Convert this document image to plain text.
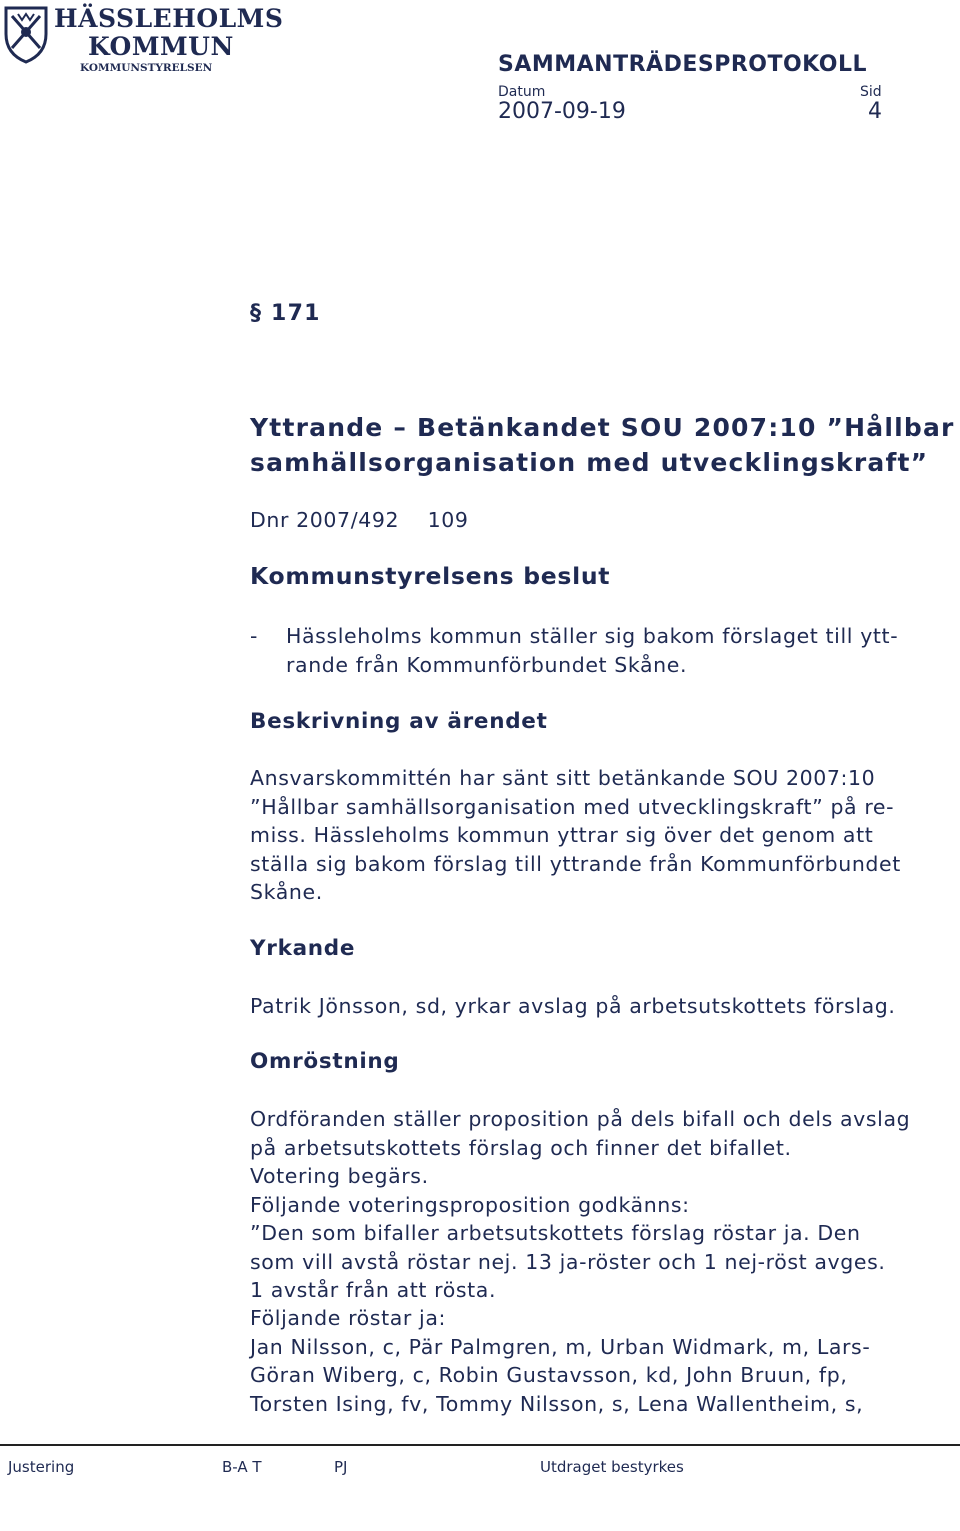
HÄSSLEHOLMS
KOMMUN
KOMMUNSTYRELSEN	SAMMANTRÄDESPROTOKOLL
Datum	Sid
2007-09-19	4
§ 171
Yttrande – Betänkandet SOU 2007:10 ”Hållbar
samhällsorganisation med utvecklingskraft”
Dnr 2007/492    109
Kommunstyrelsens beslut
- Hässleholms kommun ställer sig bakom förslaget till ytt-
rande från Kommunförbundet Skåne.
Beskrivning av ärendet
Ansvarskommittén har sänt sitt betänkande SOU 2007:10
”Hållbar samhällsorganisation med utvecklingskraft” på re-
miss. Hässleholms kommun yttrar sig över det genom att
ställa sig bakom förslag till yttrande från Kommunförbundet
Skåne.
Yrkande
Patrik Jönsson, sd, yrkar avslag på arbetsutskottets förslag.
Omröstning
Ordföranden ställer proposition på dels bifall och dels avslag
på arbetsutskottets förslag och finner det bifallet.
Votering begärs.
Följande voteringsproposition godkänns:
”Den som bifaller arbetsutskottets förslag röstar ja. Den
som vill avstå röstar nej. 13 ja-röster och 1 nej-röst avges.
1 avstår från att rösta.
Följande röstar ja:
Jan Nilsson, c, Pär Palmgren, m, Urban Widmark, m, Lars-
Göran Wiberg, c, Robin Gustavsson, kd, John Bruun, fp,
Torsten Ising, fv, Tommy Nilsson, s, Lena Wallentheim, s,
Justering	B-A T	PJ	Utdraget bestyrkes
